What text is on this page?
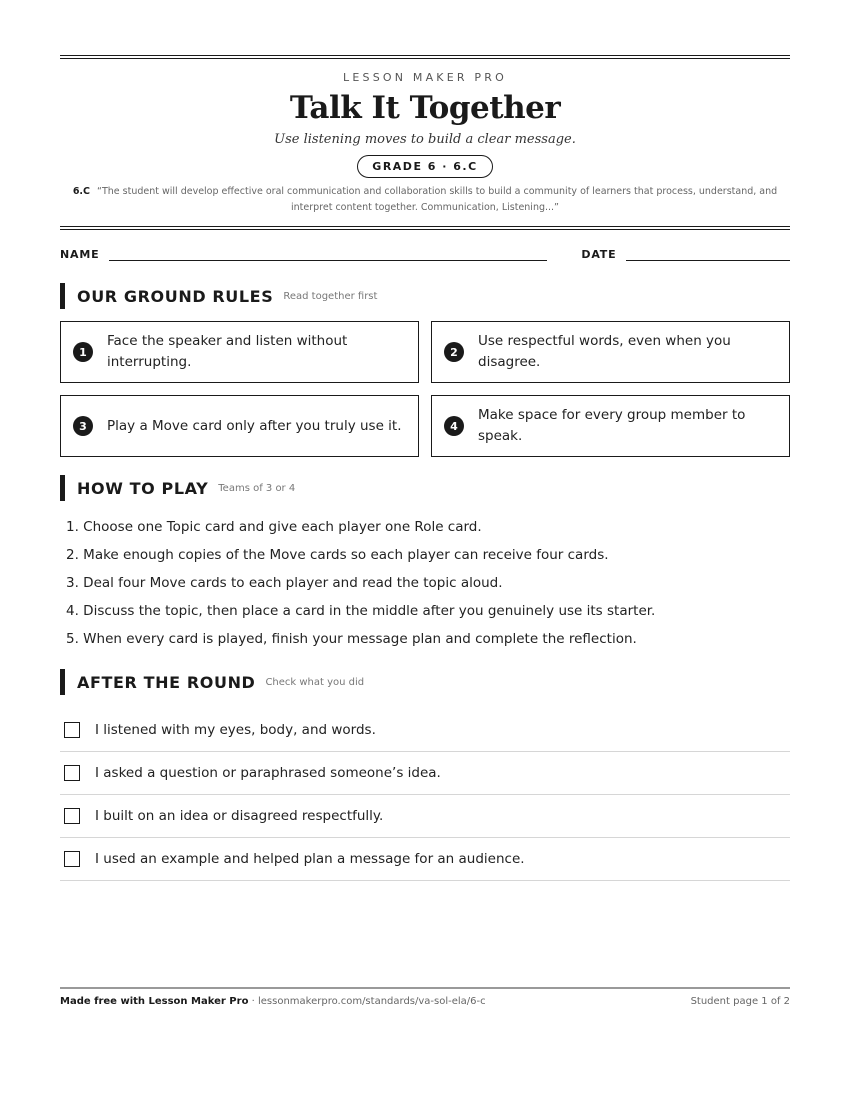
LESSON MAKER PRO
Talk It Together
Use listening moves to build a clear message.
GRADE 6 · 6.C

6.C “The student will develop effective oral communication and collaboration skills to build a community of learners that process, understand, and interpret content together. Communication, Listening...”

NAME	DATE
OUR GROUND RULES Read together first
1
Face the speaker and listen without interrupting.
2
Use respectful words, even when you disagree.
3	Play a Move card only after you truly use it.	4
Make space for every group member to speak.
HOW TO PLAY Teams of 3 or 4
1. Choose one Topic card and give each player one Role card.
2. Make enough copies of the Move cards so each player can receive four cards.
3. Deal four Move cards to each player and read the topic aloud.
4. Discuss the topic, then place a card in the middle after you genuinely use its starter.
5. When every card is played, finish your message plan and complete the reflection.
AFTER THE ROUND Check what you did
I listened with my eyes, body, and words.
I asked a question or paraphrased someone’s idea.
I built on an idea or disagreed respectfully.
I used an example and helped plan a message for an audience.
Made free with Lesson Maker Pro · lessonmakerpro.com/standards/va-sol-ela/6-c	Student page 1 of 2
